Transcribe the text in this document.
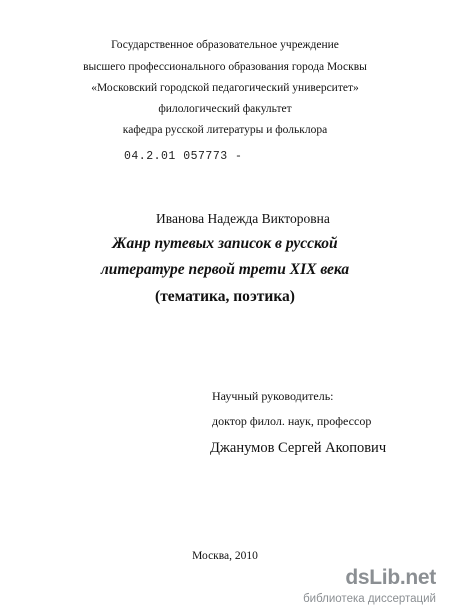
Государственное образовательное учреждение
высшего профессионального образования города Москвы
«Московский городской педагогический университет»
филологический факультет
кафедра русской литературы и фольклора
04.2.01 057773 -
Иванова Надежда Викторовна
Жанр путевых записок в русской
литературе первой трети XIX века
(тематика, поэтика)
Научный руководитель:
доктор филол. наук, профессор
Джанумов Сергей Акопович
Москва, 2010
dsLib.net
библиотека диссертаций
